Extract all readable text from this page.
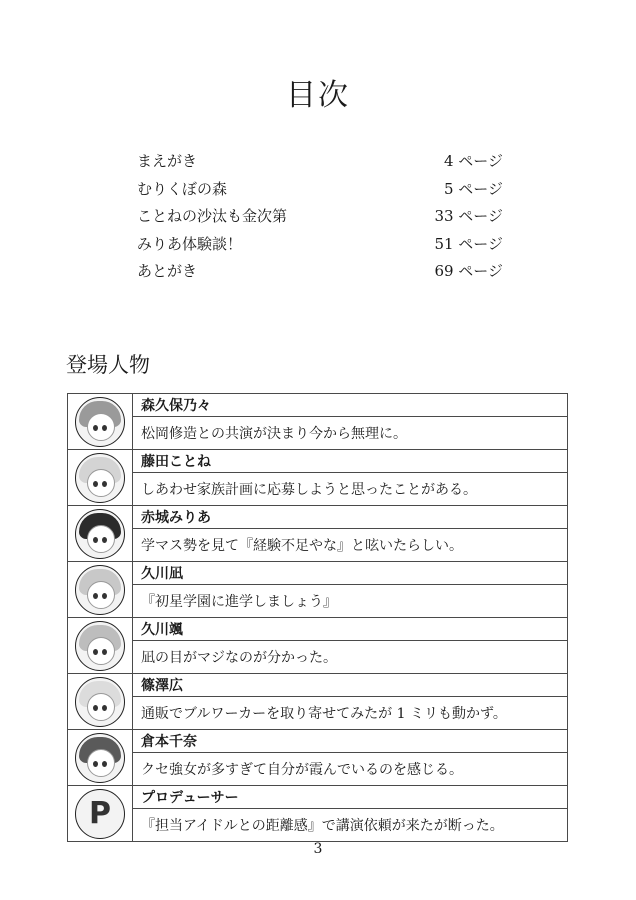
目次
まえがき	4 ページ
むりくぼの森	5 ページ
ことねの沙汰も金次第	33 ページ
みりあ体験談！	51 ページ
あとがき	69 ページ
登場人物
	森久保乃々
	松岡修造との共演が決まり今から無理に。

	藤田ことね
	しあわせ家族計画に応募しようと思ったことがある。

	赤城みりあ
	学マス勢を見て『経験不足やな』と呟いたらしい。

	久川凪
	『初星学園に進学しましょう』

	久川颯
	凪の目がマジなのが分かった。

	篠澤広
	通販でブルワーカーを取り寄せてみたが 1 ミリも動かず。

	倉本千奈
	クセ強女が多すぎて自分が霞んでいるのを感じる。

P	プロデューサー
	『担当アイドルとの距離感』で講演依頼が来たが断った。
3
